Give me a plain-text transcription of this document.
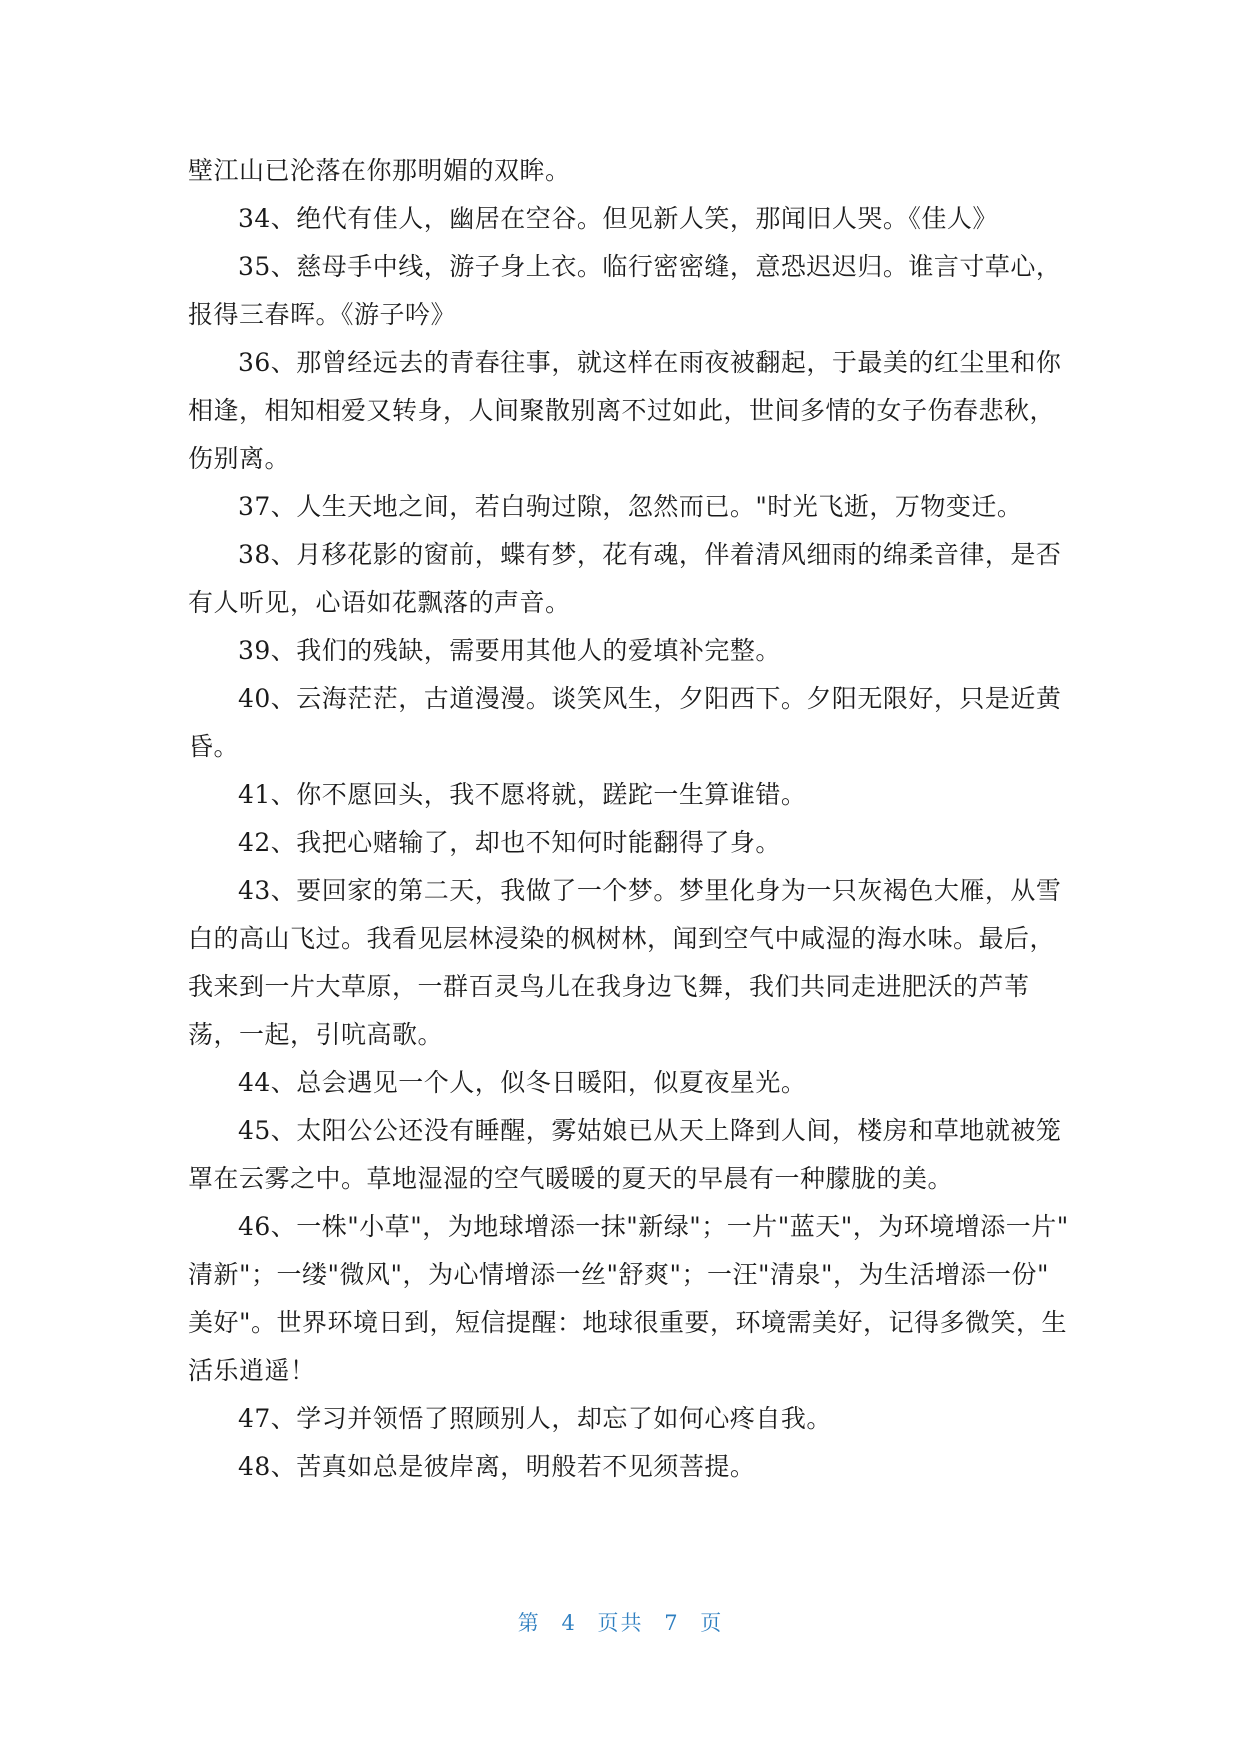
壁江山已沦落在你那明媚的双眸。
34、绝代有佳人，幽居在空谷。但见新人笑，那闻旧人哭。《佳人》
35、慈母手中线，游子身上衣。临行密密缝，意恐迟迟归。谁言寸草心，
报得三春晖。《游子吟》
36、那曾经远去的青春往事，就这样在雨夜被翻起，于最美的红尘里和你
相逢，相知相爱又转身，人间聚散别离不过如此，世间多情的女子伤春悲秋，
伤别离。
37、人生天地之间，若白驹过隙，忽然而已。"时光飞逝，万物变迁。
38、月移花影的窗前，蝶有梦，花有魂，伴着清风细雨的绵柔音律，是否
有人听见，心语如花飘落的声音。
39、我们的残缺，需要用其他人的爱填补完整。
40、云海茫茫，古道漫漫。谈笑风生，夕阳西下。夕阳无限好，只是近黄
昏。
41、你不愿回头，我不愿将就，蹉跎一生算谁错。
42、我把心赌输了，却也不知何时能翻得了身。
43、要回家的第二天，我做了一个梦。梦里化身为一只灰褐色大雁，从雪
白的高山飞过。我看见层林浸染的枫树林，闻到空气中咸湿的海水味。最后，
我来到一片大草原，一群百灵鸟儿在我身边飞舞，我们共同走进肥沃的芦苇
荡，一起，引吭高歌。
44、总会遇见一个人，似冬日暖阳，似夏夜星光。
45、太阳公公还没有睡醒，雾姑娘已从天上降到人间，楼房和草地就被笼
罩在云雾之中。草地湿湿的空气暖暖的夏天的早晨有一种朦胧的美。
46、一株"小草"，为地球增添一抹"新绿"；一片"蓝天"，为环境增添一片"
清新"；一缕"微风"，为心情增添一丝"舒爽"；一汪"清泉"，为生活增添一份"
美好"。世界环境日到，短信提醒：地球很重要，环境需美好，记得多微笑，生
活乐逍遥！
47、学习并领悟了照顾别人，却忘了如何心疼自我。
48、苦真如总是彼岸离，明般若不见须菩提。
第 4 页共 7 页
